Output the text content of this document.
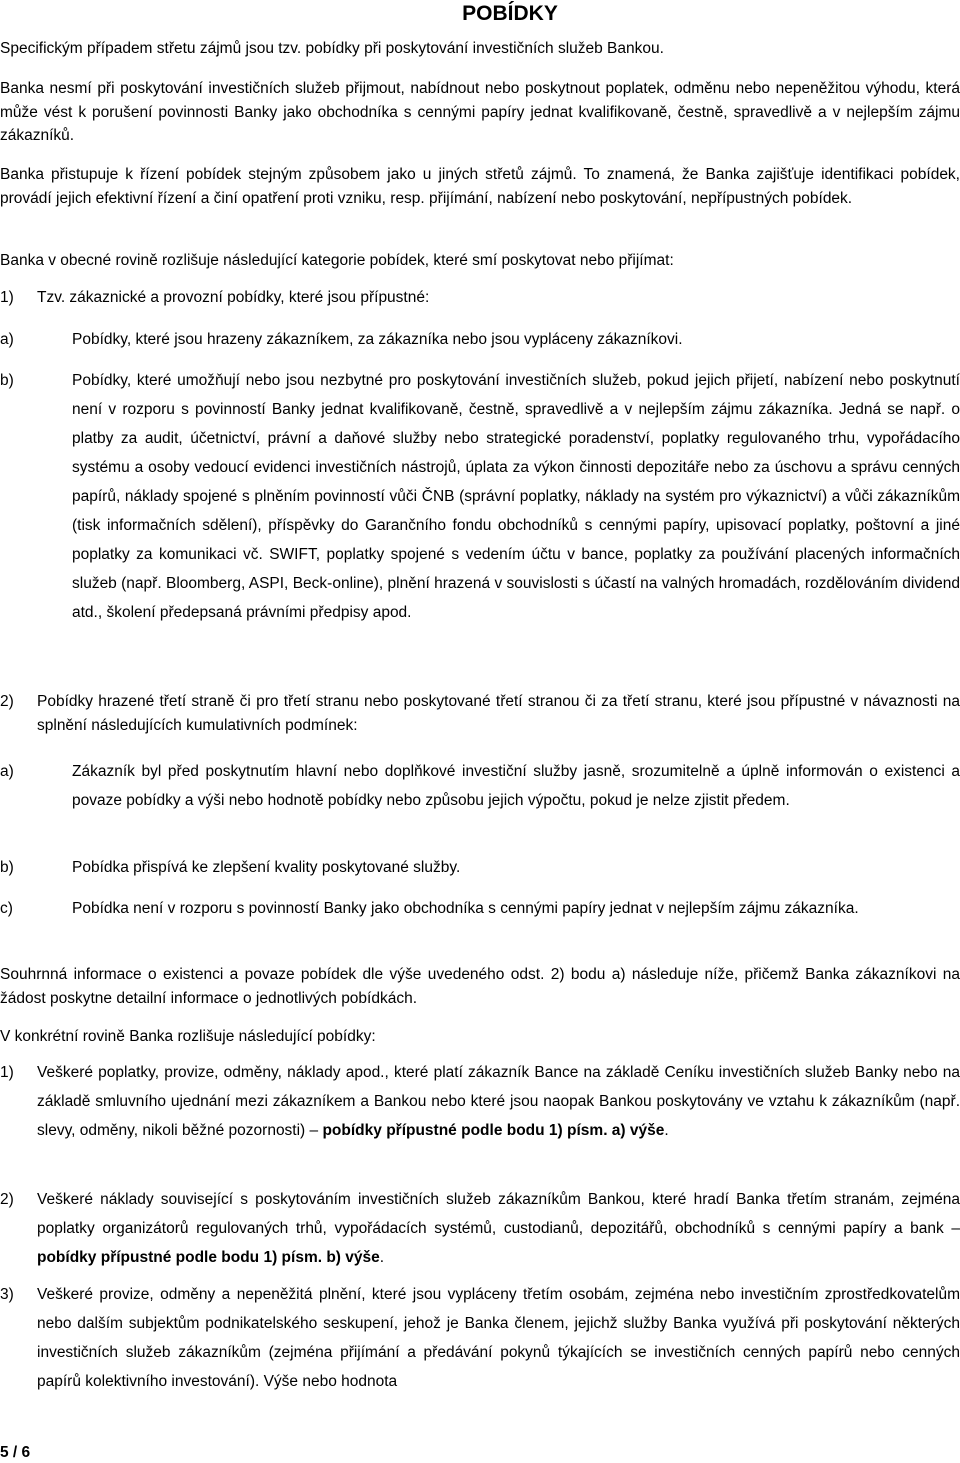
POBÍDKY

Specifickým případem střetu zájmů jsou tzv. pobídky při poskytování investičních služeb Bankou.

Banka nesmí při poskytování investičních služeb přijmout, nabídnout nebo poskytnout poplatek, odměnu nebo nepeněžitou výhodu, která může vést k porušení povinnosti Banky jako obchodníka s cennými papíry jednat kvalifikovaně, čestně, spravedlivě a v nejlepším zájmu zákazníků.

Banka přistupuje k řízení pobídek stejným způsobem jako u jiných střetů zájmů. To znamená, že Banka zajišťuje identifikaci pobídek, provádí jejich efektivní řízení a činí opatření proti vzniku, resp. přijímání, nabízení nebo poskytování, nepřípustných pobídek.

Banka v obecné rovině rozlišuje následující kategorie pobídek, které smí poskytovat nebo přijímat:

1)	Tzv. zákaznické a provozní pobídky, které jsou přípustné:
a)	Pobídky, které jsou hrazeny zákazníkem, za zákazníka nebo jsou vypláceny zákazníkovi.
b)	Pobídky, které umožňují nebo jsou nezbytné pro poskytování investičních služeb, pokud jejich přijetí, nabízení nebo poskytnutí není v rozporu s povinností Banky jednat kvalifikovaně, čestně, spravedlivě a v nejlepším zájmu zákazníka. Jedná se např. o platby za audit, účetnictví, právní a daňové služby nebo strategické poradenství, poplatky regulovaného trhu, vypořádacího systému a osoby vedoucí evidenci investičních nástrojů, úplata za výkon činnosti depozitáře nebo za úschovu a správu cenných papírů, náklady spojené s plněním povinností vůči ČNB (správní poplatky, náklady na systém pro výkaznictví) a vůči zákazníkům (tisk informačních sdělení), příspěvky do Garančního fondu obchodníků s cennými papíry, upisovací poplatky, poštovní a jiné poplatky za komunikaci vč. SWIFT, poplatky spojené s vedením účtu v bance, poplatky za používání placených informačních služeb (např. Bloomberg, ASPI, Beck-online), plnění hrazená v souvislosti s účastí na valných hromadách, rozdělováním dividend atd., školení předepsaná právními předpisy apod.
2)	Pobídky hrazené třetí straně či pro třetí stranu nebo poskytované třetí stranou či za třetí stranu, které jsou přípustné v návaznosti na splnění následujících kumulativních podmínek:
a)	Zákazník byl před poskytnutím hlavní nebo doplňkové investiční služby jasně, srozumitelně a úplně informován o existenci a povaze pobídky a výši nebo hodnotě pobídky nebo způsobu jejich výpočtu, pokud je nelze zjistit předem.
b)	Pobídka přispívá ke zlepšení kvality poskytované služby.
c)	Pobídka není v rozporu s povinností Banky jako obchodníka s cennými papíry jednat v nejlepším zájmu zákazníka.

Souhrnná informace o existenci a povaze pobídek dle výše uvedeného odst. 2) bodu a) následuje níže, přičemž Banka zákazníkovi na žádost poskytne detailní informace o jednotlivých pobídkách.

V konkrétní rovině Banka rozlišuje následující pobídky:

1)	Veškeré poplatky, provize, odměny, náklady apod., které platí zákazník Bance na základě Ceníku investičních služeb Banky nebo na základě smluvního ujednání mezi zákazníkem a Bankou nebo které jsou naopak Bankou poskytovány ve vztahu k zákazníkům (např. slevy, odměny, nikoli běžné pozornosti) – pobídky přípustné podle bodu 1) písm. a) výše.
2)	Veškeré náklady související s poskytováním investičních služeb zákazníkům Bankou, které hradí Banka třetím stranám, zejména poplatky organizátorů regulovaných trhů, vypořádacích systémů, custodianů, depozitářů, obchodníků s cennými papíry a bank – pobídky přípustné podle bodu 1) písm. b) výše.
3)	Veškeré provize, odměny a nepeněžitá plnění, které jsou vypláceny třetím osobám, zejména nebo investičním zprostředkovatelům nebo dalším subjektům podnikatelského seskupení, jehož je Banka členem, jejichž služby Banka využívá při poskytování některých investičních služeb zákazníkům (zejména přijímání a předávání pokynů týkajících se investičních cenných papírů nebo cenných papírů kolektivního investování). Výše nebo hodnota
5 / 6
